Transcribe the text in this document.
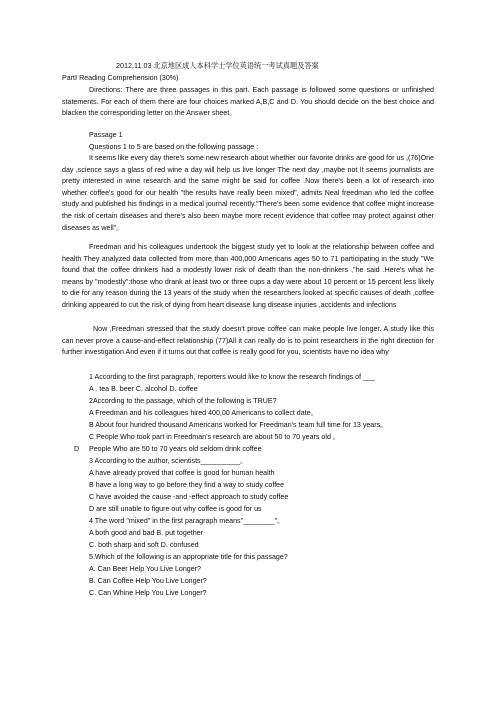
2012.11.03 北京地区成人本科学士学位英语统一考试真题及答案
PartⅠ Reading Comprehension (30%)
Directions: There are three passages in this part. Each passage is followed some questions or unfinished statements. For each of them there are four choices marked A,B,C and D. You should decide on the best choice and blacken the corresponding letter on the Answer sheet。
Passage 1
Questions 1 to 5 are based on the following passage :
It seems like every day there's some new research about whether our favorite drinks are good for us ,(76)One day ,science says a glass of red wine a day will help us live longer The next day ,maybe not It seems journalists are pretty interested in wine research and the same might be said for coffee .Now there's been a lot of research into whether coffee's good for our health "the results have really been mixed", admits Neal freedman who led the coffee study and published his findings in a medical journal recently."There's been some evidence that coffee might increase the risk of certain diseases and there's also been maybe more recent evidence that coffee may protect against other diseases as well"。
Freedman and his colleagues undertook the biggest study yet to look at the relationship between coffee and health They analyzed data collected from more than 400,000 Americans ages 50 to 71 participating in the study "We found that the coffee drinkers had a modestly lower risk of death than the non-drinkers ,"he said .Here's what he means by "modestly":those who drank at least two or three cups a day were about 10 percent or 15 percent less likely to die for any reason during the 13 years of the study when the researchers looked at specific causes of death ,coffee drinking appeared to cut the risk of dying from heart disease lung disease injuries ,accidents and infections
Now ,Freedman stressed that the study doesn't prove coffee can make people live longer. A study like this can never prove a cause-and-effect relationship (77)All it can really do is to point researchers in the right direction for further investigation And even if it turns out that coffee is really good for you, scientists have no idea why
1 According to the first paragraph, reporters would like to know the research findings of ___
A . tea B. beer C. alcohol D. coffee
2According to the passage, which of the following is TRUE?
A Freedman and his colleagues hired 400,00 Americans to collect date。
B About four hundred thousand Americans worked for Freedman's team full time for 13 years。
C People Who took part in Freedman's research are about 50 to 70 years old 。
D     People Who are 50 to 70 years old seldom drink coffee
3 According to the author, scientists__________。
A have already proved that coffee is good for human health
B have a long way to go before they find a way to study coffee
C have avoided the cause -and -effect approach to study coffee
D are still unable to figure out why coffee is good for us
4 The word "mixed" in the first paragraph means"________"。
A both good and bad B. put together
C. both sharp and soft D. confused
5.Which of the following is an appropriate title for this passage?
A. Can Beer Help You Live Longer?
B. Can Coffee Help You Live Longer?
C. Can Whine Help You Live Longer?
